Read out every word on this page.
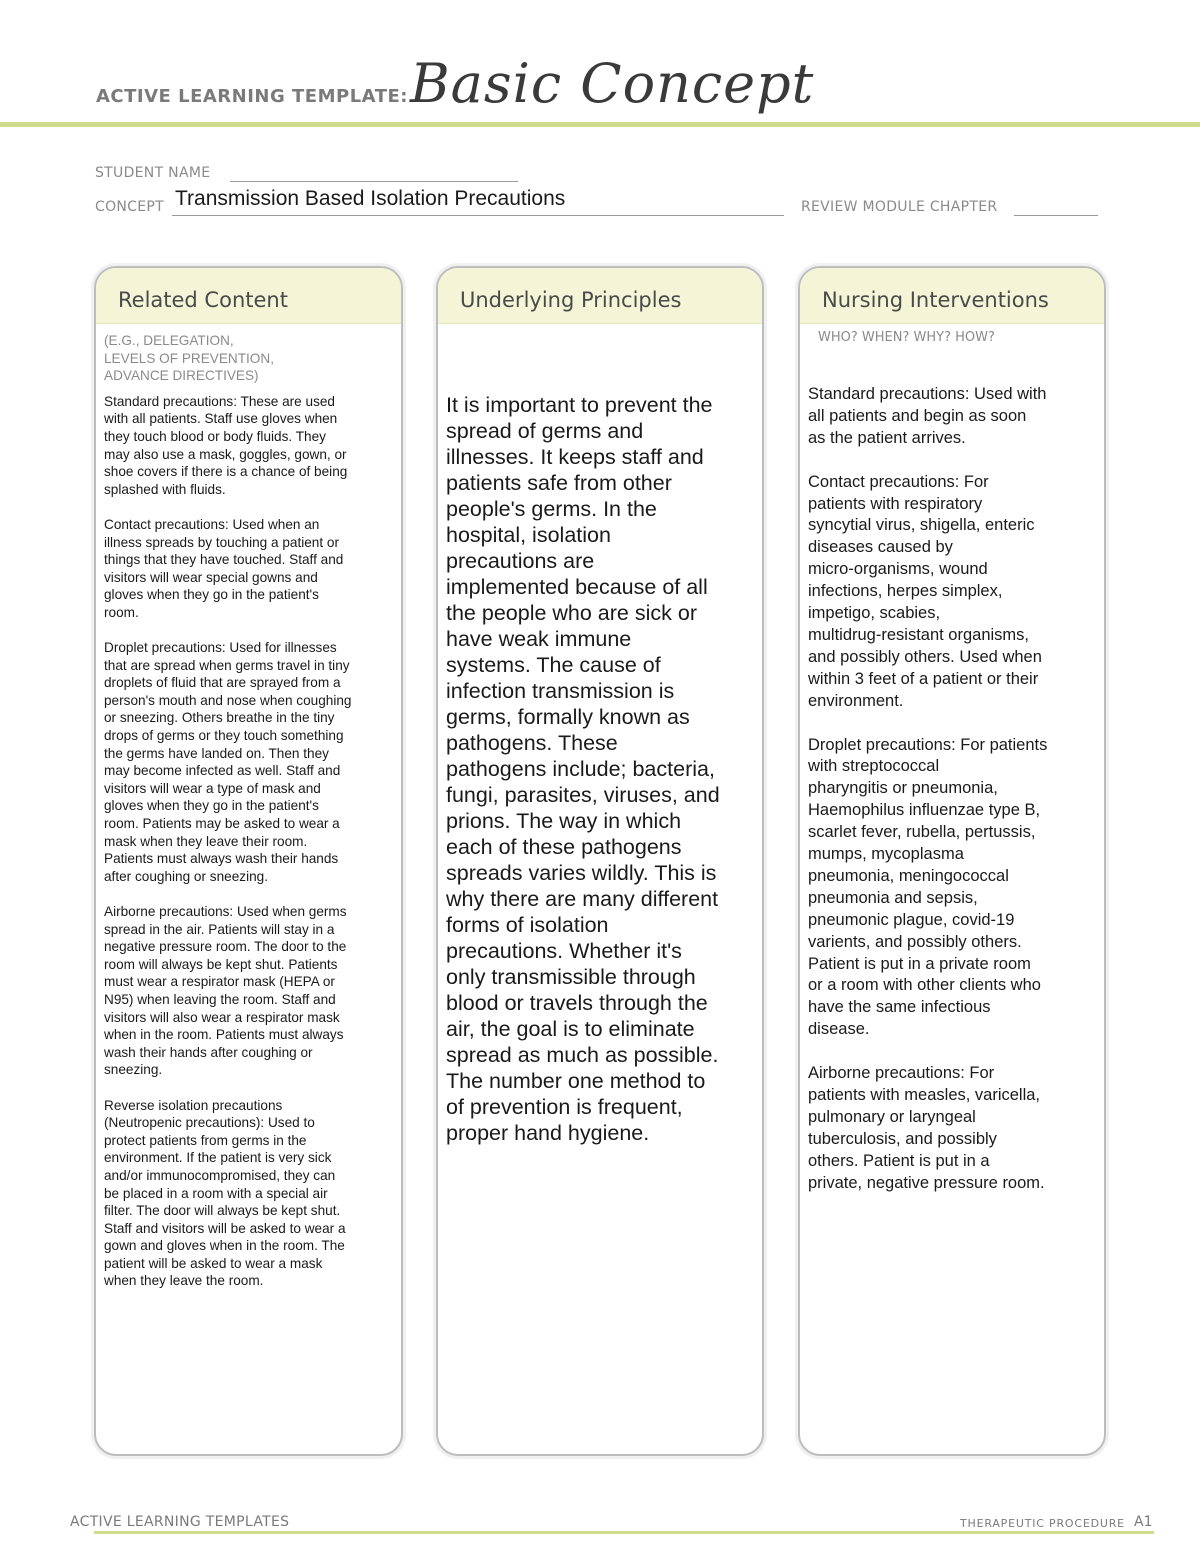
ACTIVE LEARNING TEMPLATE: Basic Concept
STUDENT NAME
CONCEPT Transmission Based Isolation Precautions	REVIEW MODULE CHAPTER
Related Content
(E.G., DELEGATION,
LEVELS OF PREVENTION,
ADVANCE DIRECTIVES)
Standard precautions: These are used
with all patients. Staff use gloves when
they touch blood or body fluids. They
may also use a mask, goggles, gown, or
shoe covers if there is a chance of being
splashed with fluids.

Contact precautions: Used when an
illness spreads by touching a patient or
things that they have touched. Staff and
visitors will wear special gowns and
gloves when they go in the patient's
room.

Droplet precautions: Used for illnesses
that are spread when germs travel in tiny
droplets of fluid that are sprayed from a
person's mouth and nose when coughing
or sneezing. Others breathe in the tiny
drops of germs or they touch something
the germs have landed on. Then they
may become infected as well. Staff and
visitors will wear a type of mask and
gloves when they go in the patient's
room. Patients may be asked to wear a
mask when they leave their room.
Patients must always wash their hands
after coughing or sneezing.

Airborne precautions: Used when germs
spread in the air. Patients will stay in a
negative pressure room. The door to the
room will always be kept shut. Patients
must wear a respirator mask (HEPA or
N95) when leaving the room. Staff and
visitors will also wear a respirator mask
when in the room. Patients must always
wash their hands after coughing or
sneezing.

Reverse isolation precautions
(Neutropenic precautions): Used to
protect patients from germs in the
environment. If the patient is very sick
and/or immunocompromised, they can
be placed in a room with a special air
filter. The door will always be kept shut.
Staff and visitors will be asked to wear a
gown and gloves when in the room. The
patient will be asked to wear a mask
when they leave the room.
Underlying Principles
It is important to prevent the
spread of germs and
illnesses. It keeps staff and
patients safe from other
people's germs. In the
hospital, isolation
precautions are
implemented because of all
the people who are sick or
have weak immune
systems. The cause of
infection transmission is
germs, formally known as
pathogens. These
pathogens include; bacteria,
fungi, parasites, viruses, and
prions. The way in which
each of these pathogens
spreads varies wildly. This is
why there are many different
forms of isolation
precautions. Whether it's
only transmissible through
blood or travels through the
air, the goal is to eliminate
spread as much as possible.
The number one method to
of prevention is frequent,
proper hand hygiene.
Nursing Interventions
WHO? WHEN? WHY? HOW?
Standard precautions: Used with
all patients and begin as soon
as the patient arrives.

Contact precautions: For
patients with respiratory
syncytial virus, shigella, enteric
diseases caused by
micro-organisms, wound
infections, herpes simplex,
impetigo, scabies,
multidrug-resistant organisms,
and possibly others. Used when
within 3 feet of a patient or their
environment.

Droplet precautions: For patients
with streptococcal
pharyngitis or pneumonia,
Haemophilus influenzae type B,
scarlet fever, rubella, pertussis,
mumps, mycoplasma
pneumonia, meningococcal
pneumonia and sepsis,
pneumonic plague, covid-19
varients, and possibly others.
Patient is put in a private room
or a room with other clients who
have the same infectious
disease.

Airborne precautions: For
patients with measles, varicella,
pulmonary or laryngeal
tuberculosis, and possibly
others. Patient is put in a
private, negative pressure room.
ACTIVE LEARNING TEMPLATES	THERAPEUTIC PROCEDURE A1
